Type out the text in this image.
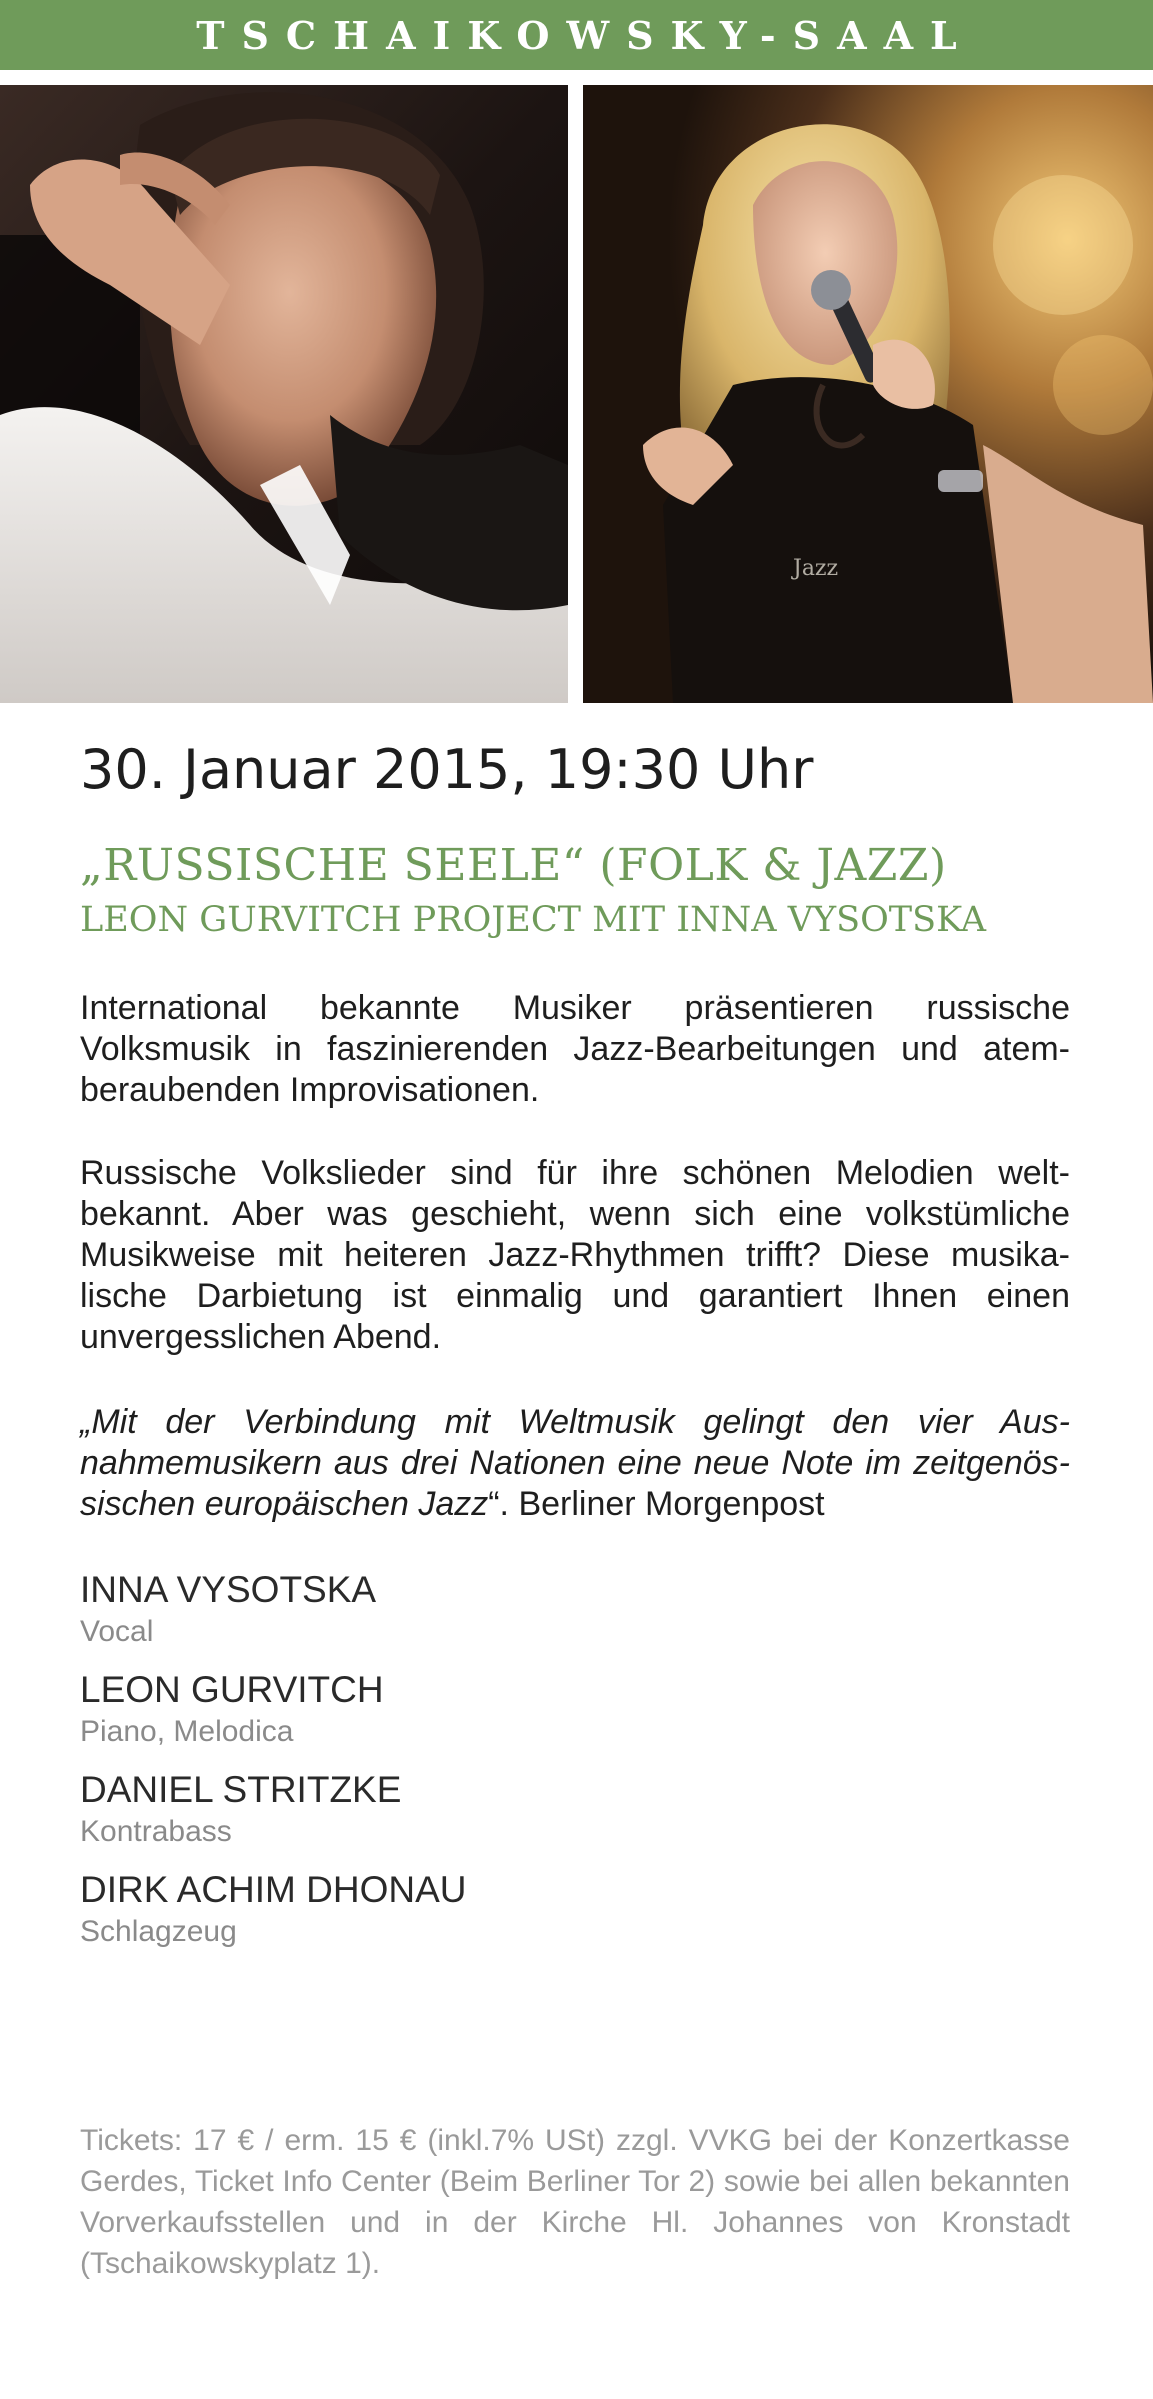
TSCHAIKOWSKY-SAAL
Jazz
30. Januar 2015, 19:30 Uhr
„RUSSISCHE SEELE“ (FOLK & JAZZ)
LEON GURVITCH PROJECT MIT INNA VYSOTSKA
International bekannte Musiker präsentieren russische Volksmusik in faszinierenden Jazz-Bearbeitungen und atem-beraubenden Improvisationen.
Russische Volkslieder sind für ihre schönen Melodien welt-bekannt. Aber was geschieht, wenn sich eine volkstümliche Musikweise mit heiteren Jazz-Rhythmen trifft? Diese musika-lische Darbietung ist einmalig und garantiert Ihnen einen unvergesslichen Abend.
„Mit der Verbindung mit Weltmusik gelingt den vier Aus-nahmemusikern aus drei Nationen eine neue Note im zeitgenös-sischen europäischen Jazz“. Berliner Morgenpost
INNA VYSOTSKA
Vocal
LEON GURVITCH
Piano, Melodica
DANIEL STRITZKE
Kontrabass
DIRK ACHIM DHONAU
Schlagzeug
Tickets: 17 € / erm. 15 € (inkl.7% USt) zzgl. VVKG bei der Konzertkasse Gerdes, Ticket Info Center (Beim Berliner Tor 2) sowie bei allen bekannten Vorverkaufsstellen und in der Kirche Hl. Johannes von Kronstadt (Tschaikowskyplatz 1).
